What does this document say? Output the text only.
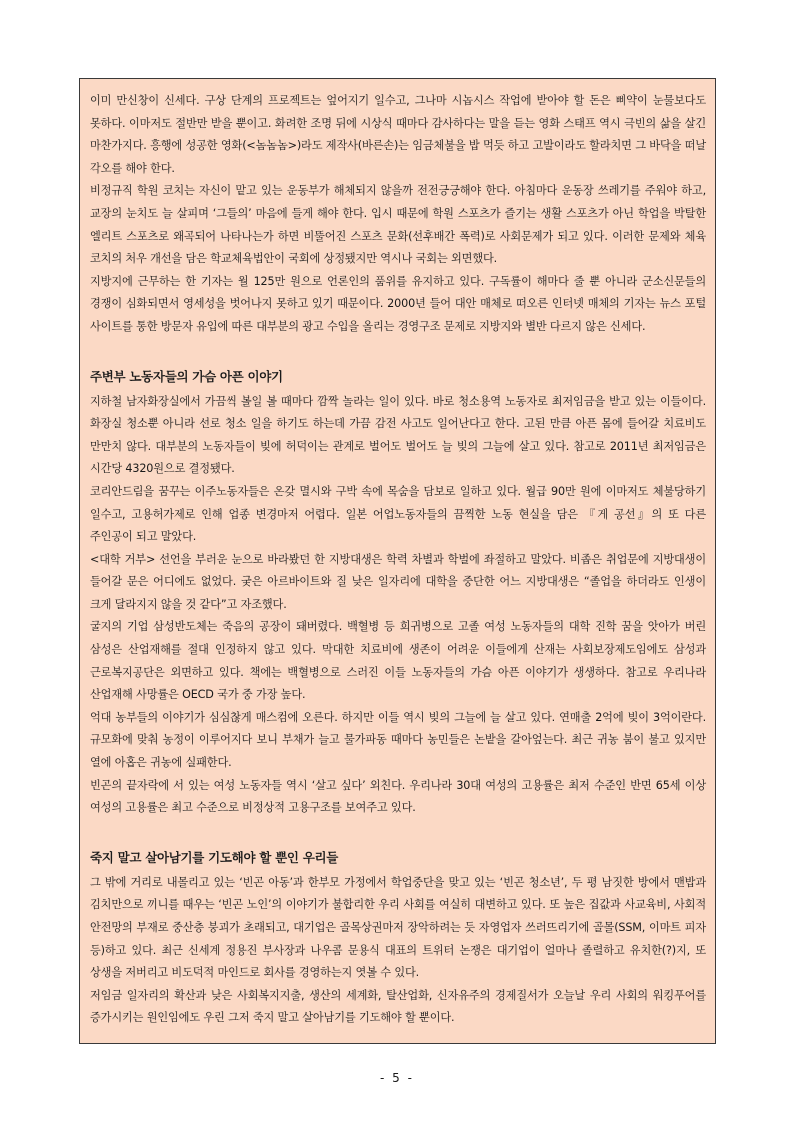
이미 만신창이 신세다. 구상 단계의 프로젝트는 엎어지기 일수고, 그나마 시놉시스 작업에 받아야 할 돈은 삐약이 눈물보다도 못하다. 이마저도 절반만 받을 뿐이고. 화려한 조명 뒤에 시상식 때마다 감사하다는 말을 듣는 영화 스태프 역시 극빈의 삶을 살긴 마찬가지다. 흥행에 성공한 영화(<놈놈놈>)라도 제작사(바른손)는 임금체불을 밥 먹듯 하고 고발이라도 할라치면 그 바닥을 떠날 각오를 해야 한다.

비정규직 학원 코치는 자신이 맡고 있는 운동부가 해체되지 않을까 전전긍긍해야 한다. 아침마다 운동장 쓰레기를 주워야 하고, 교장의 눈치도 늘 살피며 ‘그들의’ 마음에 들게 해야 한다. 입시 때문에 학원 스포츠가 즐기는 생활 스포츠가 아닌 학업을 박탈한 엘리트 스포츠로 왜곡되어 나타나는가 하면 비뚤어진 스포츠 문화(선후배간 폭력)로 사회문제가 되고 있다. 이러한 문제와 체육 코치의 처우 개선을 담은 학교체육법안이 국회에 상정됐지만 역시나 국회는 외면했다.

지방지에 근무하는 한 기자는 월 125만 원으로 언론인의 품위를 유지하고 있다. 구독률이 해마다 줄 뿐 아니라 군소신문들의 경쟁이 심화되면서 영세성을 벗어나지 못하고 있기 때문이다. 2000년 들어 대안 매체로 떠오른 인터넷 매체의 기자는 뉴스 포털 사이트를 통한 방문자 유입에 따른 대부분의 광고 수입을 올리는 경영구조 문제로 지방지와 별반 다르지 않은 신세다.

주변부 노동자들의 가슴 아픈 이야기

지하철 남자화장실에서 가끔씩 볼일 볼 때마다 깜짝 놀라는 일이 있다. 바로 청소용역 노동자로 최저임금을 받고 있는 이들이다. 화장실 청소뿐 아니라 선로 청소 일을 하기도 하는데 가끔 감전 사고도 일어난다고 한다. 고된 만큼 아픈 몸에 들어갈 치료비도 만만치 않다. 대부분의 노동자들이 빚에 허덕이는 관계로 벌어도 벌어도 늘 빚의 그늘에 살고 있다. 참고로 2011년 최저임금은 시간당 4320원으로 결정됐다.

코리안드림을 꿈꾸는 이주노동자들은 온갖 멸시와 구박 속에 목숨을 담보로 일하고 있다. 월급 90만 원에 이마저도 체불당하기 일수고, 고용허가제로 인해 업종 변경마저 어렵다. 일본 어업노동자들의 끔찍한 노동 현실을 담은 『게 공선』의 또 다른 주인공이 되고 말았다.

<대학 거부> 선언을 부러운 눈으로 바라봤던 한 지방대생은 학력 차별과 학벌에 좌절하고 말았다. 비좁은 취업문에 지방대생이 들어갈 문은 어디에도 없었다. 궂은 아르바이트와 질 낮은 일자리에 대학을 중단한 어느 지방대생은 “졸업을 하더라도 인생이 크게 달라지지 않을 것 같다”고 자조했다.

굴지의 기업 삼성반도체는 죽음의 공장이 돼버렸다. 백혈병 등 희귀병으로 고졸 여성 노동자들의 대학 진학 꿈을 앗아가 버린 삼성은 산업재해를 절대 인정하지 않고 있다. 막대한 치료비에 생존이 어려운 이들에게 산재는 사회보장제도임에도 삼성과 근로복지공단은 외면하고 있다. 책에는 백혈병으로 스러진 이들 노동자들의 가슴 아픈 이야기가 생생하다. 참고로 우리나라 산업재해 사망률은 OECD 국가 중 가장 높다.

억대 농부들의 이야기가 심심찮게 매스컴에 오른다. 하지만 이들 역시 빚의 그늘에 늘 살고 있다. 연매출 2억에 빚이 3억이란다. 규모화에 맞춰 농정이 이루어지다 보니 부채가 늘고 물가파동 때마다 농민들은 논밭을 갈아엎는다. 최근 귀농 붐이 불고 있지만 열에 아홉은 귀농에 실패한다.

빈곤의 끝자락에 서 있는 여성 노동자들 역시 ‘살고 싶다’ 외친다. 우리나라 30대 여성의 고용률은 최저 수준인 반면 65세 이상 여성의 고용률은 최고 수준으로 비정상적 고용구조를 보여주고 있다.

죽지 말고 살아남기를 기도해야 할 뿐인 우리들

그 밖에 거리로 내몰리고 있는 ‘빈곤 아동’과 한부모 가정에서 학업중단을 맞고 있는 ‘빈곤 청소년’, 두 평 남짓한 방에서 맨밥과 김치만으로 끼니를 때우는 ‘빈곤 노인’의 이야기가 불합리한 우리 사회를 여실히 대변하고 있다. 또 높은 집값과 사교육비, 사회적 안전망의 부재로 중산층 붕괴가 초래되고, 대기업은 골목상권마저 장악하려는 듯 자영업자 쓰러뜨리기에 골몰(SSM, 이마트 피자 등)하고 있다. 최근 신세계 정용진 부사장과 나우콤 문용식 대표의 트위터 논쟁은 대기업이 얼마나 졸렬하고 유치한(?)지, 또 상생을 저버리고 비도덕적 마인드로 회사를 경영하는지 엿볼 수 있다.

저임금 일자리의 확산과 낮은 사회복지지출, 생산의 세계화, 탈산업화, 신자유주의 경제질서가 오늘날 우리 사회의 워킹푸어를 증가시키는 원인임에도 우린 그저 죽지 말고 살아남기를 기도해야 할 뿐이다.

- 5 -
